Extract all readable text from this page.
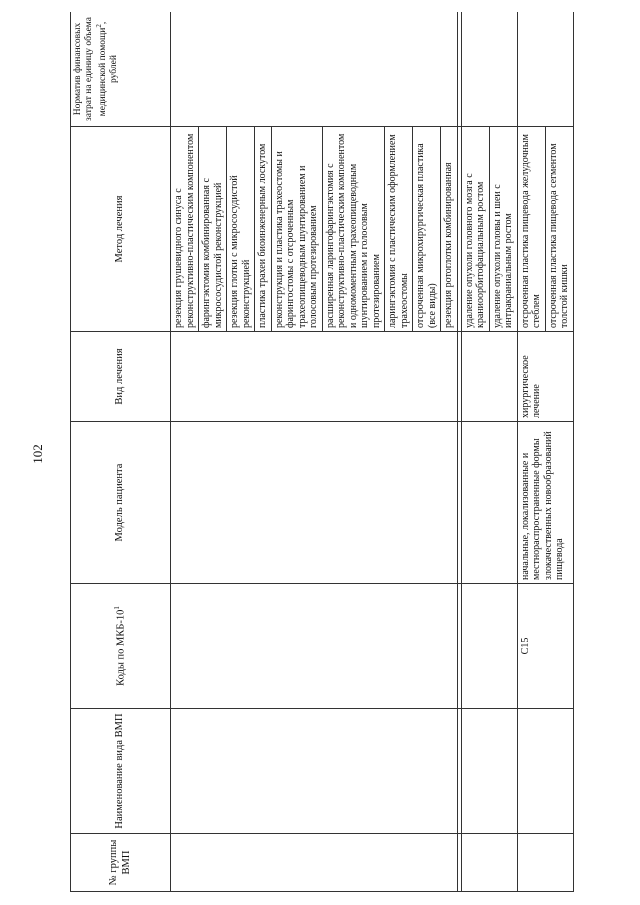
102
№ группы ВМП	Наименование вида ВМП	Коды по МКБ-$10^1$	Модель пациента	Вид лечения	Метод лечения	Норматив финансовых затрат на единицу объема медицинской помощи$^2$, рублей
					резекция грушевидного синуса с реконструктивно-пластическим компонентом	
					фарингэктомия комбинированная с микрососудистой реконструкцией	
					резекция глотки с микрососудистой реконструкцией	
					пластика трахеи биоинженерным лоскутом	
					реконструкция и пластика трахеостомы и фарингостомы с отсроченным трахеопищеводным шунтированием и голосовым протезированием	
					расширенная ларингофарингэктомия с реконструктивно-пластическим компонентом и одномоментным трахеопищеводным шунтированием и голосовым протезированием	
					ларингэктомия с пластическим оформлением трахеостомы	
					отсроченная микрохирургическая пластика (все виды)	
					резекция ротоглотки комбинированная	

					удаление опухоли головного мозга с краниоорбитофациальным ростом	
					удаление опухоли головы и шеи с интракраниальным ростом	
		C15	начальные, локализованные и местнораспространенные формы злокачественных новообразований пищевода	хирургическое лечение	отсроченная пластика пищевода желудочным стеблем	
					отсроченная пластика пищевода сегментом толстой кишки	
